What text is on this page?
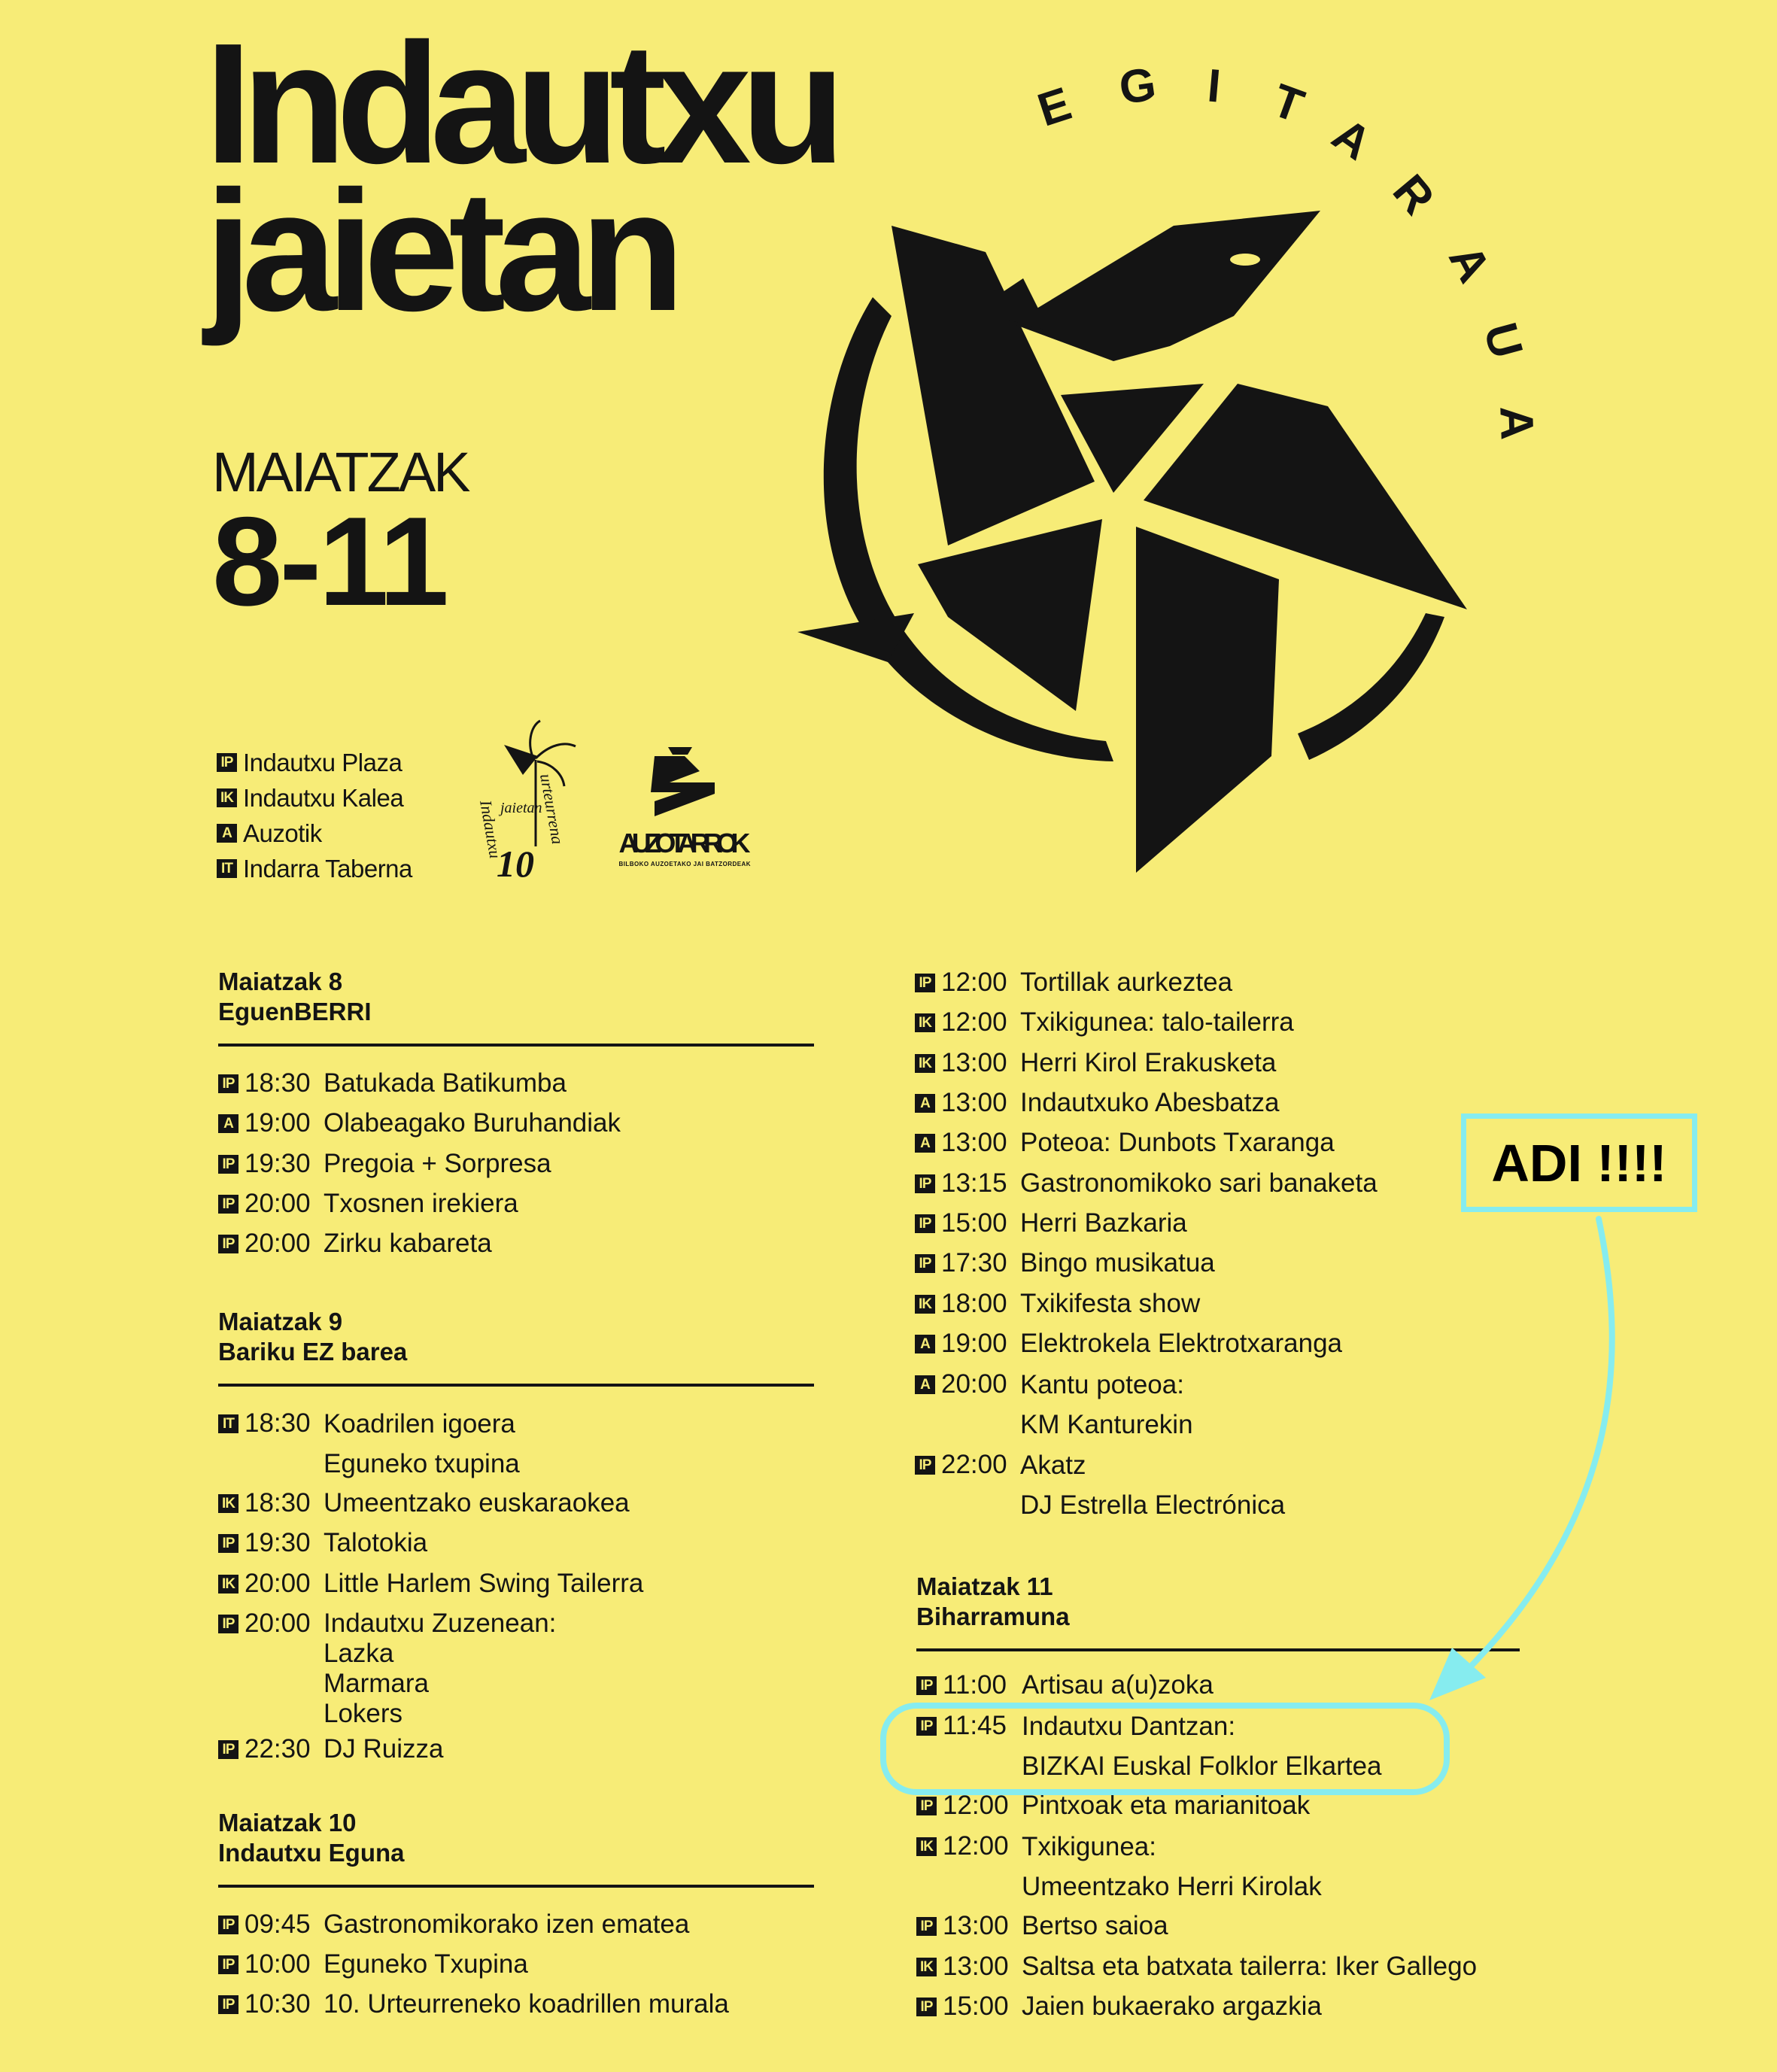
Indautxu
jaietan
MAIATZAK
8-11
E G I T
A
R
A
U
A
IP Indautxu Plaza
IK Indautxu Kalea
A Auzotik
IT Indarra Taberna
Indautxu
jaietan
urteurrena
10	AUZOTARROK
BILBOKO AUZOETAKO JAI BATZORDEAK
Maiatzak 8
EguenBERRI
IP 18:30 Batukada Batikumba
A 19:00 Olabeagako Buruhandiak
IP 19:30 Pregoia + Sorpresa
IP 20:00 Txosnen irekiera
IP 20:00 Zirku kabareta
Maiatzak 9
Bariku EZ barea
IT 18:30 Koadrilen igoera
Eguneko txupina
IK 18:30 Umeentzako euskaraokea
IP 19:30 Talotokia
IK 20:00 Little Harlem Swing Tailerra
IP 20:00 Indautxu Zuzenean:
Lazka
Marmara
Lokers
IP 22:30 DJ Ruizza
Maiatzak 10
Indautxu Eguna
IP 09:45 Gastronomikorako izen ematea
IP 10:00 Eguneko Txupina
IP 10:30 10. Urteurreneko koadrillen murala
IP 12:00 Tortillak aurkeztea
IK 12:00 Txikigunea: talo-tailerra
IK 13:00 Herri Kirol Erakusketa
A 13:00 Indautxuko Abesbatza
A 13:00 Poteoa: Dunbots Txaranga
IP 13:15 Gastronomikoko sari banaketa
IP 15:00 Herri Bazkaria
IP 17:30 Bingo musikatua
IK 18:00 Txikifesta show
A 19:00 Elektrokela Elektrotxaranga
A 20:00 Kantu poteoa:
KM Kanturekin
IP 22:00 Akatz
DJ Estrella Electrónica
Maiatzak 11
Biharramuna
IP 11:00 Artisau a(u)zoka
IP 11:45 Indautxu Dantzan:
BIZKAI Euskal Folklor Elkartea
IP 12:00 Pintxoak eta marianitoak
IK 12:00 Txikigunea:
Umeentzako Herri Kirolak
IP 13:00 Bertso saioa
IK 13:00 Saltsa eta batxata tailerra: Iker Gallego
IP 15:00 Jaien bukaerako argazkia
ADI !!!!
